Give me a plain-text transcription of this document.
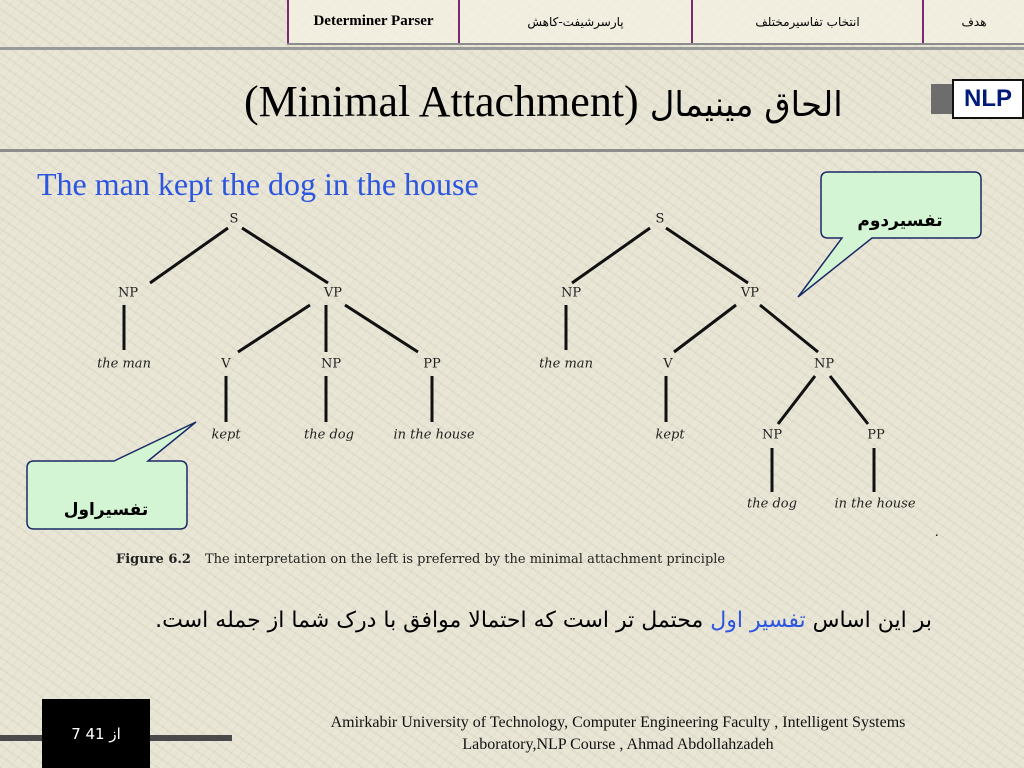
Determiner Parser	پارسرشیفت-کاهش	انتخاب تفاسیرمختلف	هدف
(Minimal Attachment) الحاق مینیمال	NLP
The man kept the dog in the house
S
NP	VP
the man	V	NP	PP
kept	the dog	in the house
S
NP	VP
the man	V	NP
kept	NP	PP
the dog	in the house
تفسیردوم
تفسیراول
.
Figure 6.2 The interpretation on the left is preferred by the minimal attachment principle
بر این اساس تفسیر اول محتمل تر است که احتمالا موافق با درک شما از جمله است.
7 از 41
Amirkabir University of Technology, Computer Engineering Faculty , Intelligent Systems
Laboratory,NLP Course , Ahmad Abdollahzadeh
